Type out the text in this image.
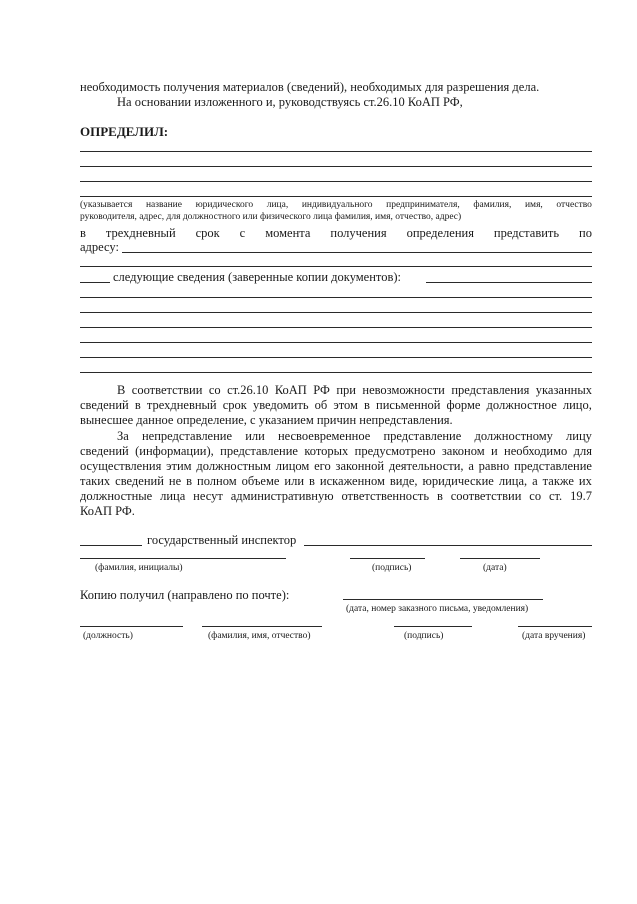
необходимость получения материалов (сведений), необходимых для разрешения дела.
На основании изложенного и, руководствуясь ст.26.10 КоАП РФ,
ОПРЕДЕЛИЛ:
(указывается название юридического лица, индивидуального предпринимателя, фамилия, имя, отчество
руководителя, адрес, для должностного или физического лица фамилия, имя, отчество, адрес)
в трехдневный срок с момента получения определения представить по
адресу:
следующие сведения (заверенные копии документов):
В соответствии со ст.26.10 КоАП РФ при невозможности представления указанных
сведений в трехдневный срок уведомить об этом в письменной форме должностное лицо,
вынесшее данное определение, с указанием причин непредставления.
За непредставление или несвоевременное представление должностному лицу
сведений (информации), представление которых предусмотрено законом и необходимо для
осуществления этим должностным лицом его законной деятельности, а равно представление
таких сведений не в полном объеме или в искаженном виде, юридические лица, а также их
должностные лица несут административную ответственность в соответствии со ст. 19.7
КоАП РФ.
государственный инспектор
(фамилия, инициалы)	(подпись)	(дата)
Копию получил (направлено по почте):
(дата, номер заказного письма, уведомления)
(должность)	(фамилия, имя, отчество)	(подпись)	(дата вручения)
